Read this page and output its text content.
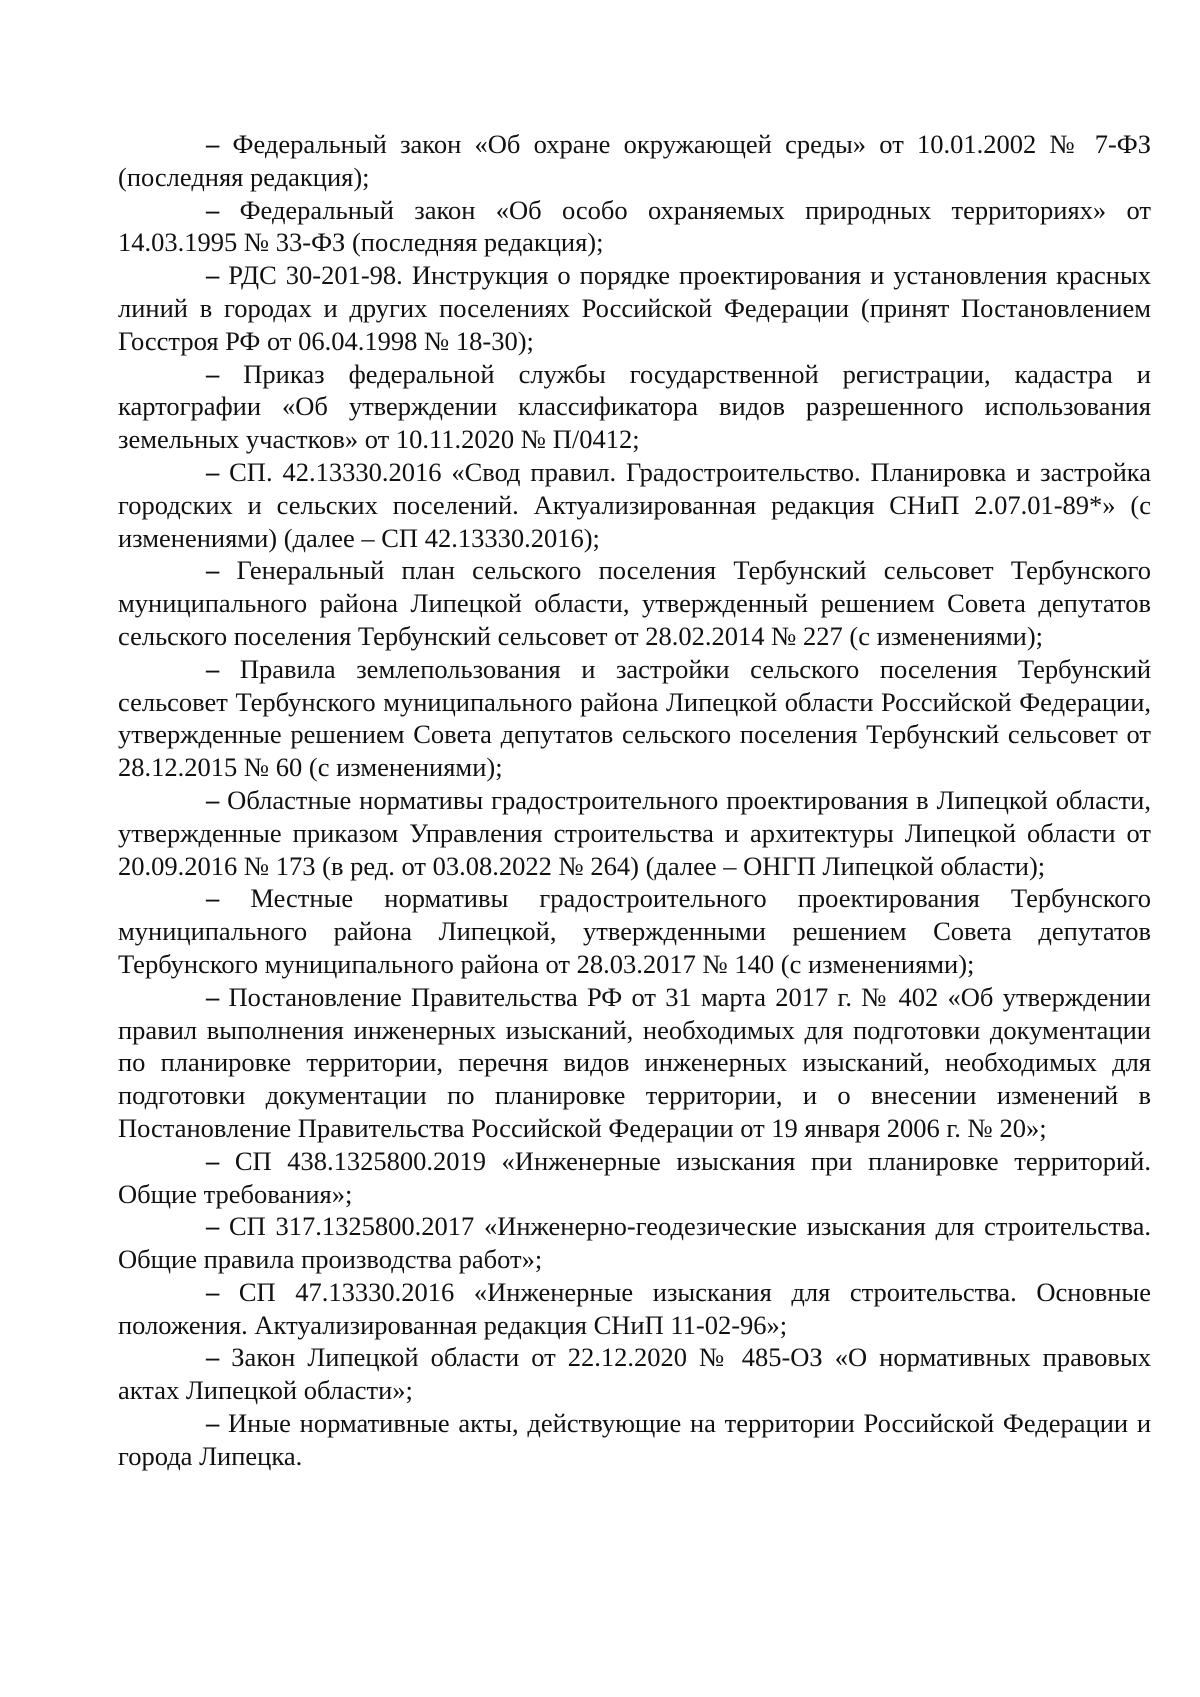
– Федеральный закон «Об охране окружающей среды» от 10.01.2002 № 7-ФЗ (последняя редакция);

– Федеральный закон «Об особо охраняемых природных территориях» от 14.03.1995 № 33-ФЗ (последняя редакция);

– РДС 30-201-98. Инструкция о порядке проектирования и установления красных линий в городах и других поселениях Российской Федерации (принят Постановлением Госстроя РФ от 06.04.1998 № 18-30);

– Приказ федеральной службы государственной регистрации, кадастра и картографии «Об утверждении классификатора видов разрешенного использования земельных участков» от 10.11.2020 № П/0412;

– СП. 42.13330.2016 «Свод правил. Градостроительство. Планировка и застройка городских и сельских поселений. Актуализированная редакция СНиП 2.07.01-89*» (с изменениями) (далее – СП 42.13330.2016);

– Генеральный план сельского поселения Тербунский сельсовет Тербунского муниципального района Липецкой области, утвержденный решением Совета депутатов сельского поселения Тербунский сельсовет от 28.02.2014 № 227 (с изменениями);

– Правила землепользования и застройки сельского поселения Тербунский сельсовет Тербунского муниципального района Липецкой области Российской Федерации, утвержденные решением Совета депутатов сельского поселения Тербунский сельсовет от 28.12.2015 № 60 (с изменениями);

– Областные нормативы градостроительного проектирования в Липецкой области, утвержденные приказом Управления строительства и архитектуры Липецкой области от 20.09.2016 № 173 (в ред. от 03.08.2022 № 264) (далее – ОНГП Липецкой области);

– Местные нормативы градостроительного проектирования Тербунского муниципального района Липецкой, утвержденными решением Совета депутатов Тербунского муниципального района от 28.03.2017 № 140 (с изменениями);

– Постановление Правительства РФ от 31 марта 2017 г. № 402 «Об утверждении правил выполнения инженерных изысканий, необходимых для подготовки документации по планировке территории, перечня видов инженерных изысканий, необходимых для подготовки документации по планировке территории, и о внесении изменений в Постановление Правительства Российской Федерации от 19 января 2006 г. № 20»;

– СП 438.1325800.2019 «Инженерные изыскания при планировке территорий. Общие требования»;

– СП 317.1325800.2017 «Инженерно-геодезические изыскания для строительства. Общие правила производства работ»;

– СП 47.13330.2016 «Инженерные изыскания для строительства. Основные положения. Актуализированная редакция СНиП 11-02-96»;

– Закон Липецкой области от 22.12.2020 № 485-ОЗ «О нормативных правовых актах Липецкой области»;

– Иные нормативные акты, действующие на территории Российской Федерации и города Липецка.
